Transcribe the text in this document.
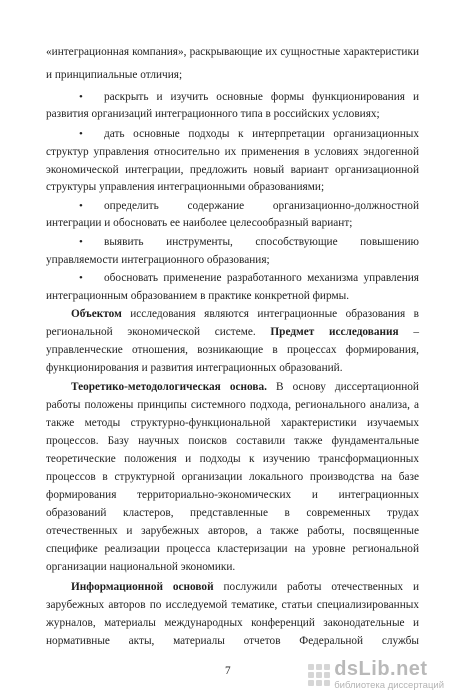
«интеграционная компания», раскрывающие их сущностные характеристики
и принципиальные отличия;
• раскрыть и изучить основные формы функционирования и
развития организаций интеграционного типа в российских условиях;
• дать основные подходы к интерпретации организационных
структур управления относительно их применения в условиях эндогенной
экономической интеграции, предложить новый вариант организационной
структуры управления интеграционными образованиями;
• определить содержание организационно-должностной
интеграции и обосновать ее наиболее целесообразный вариант;
• выявить инструменты, способствующие повышению
управляемости интеграционного образования;
• обосновать применение разработанного механизма управления
интеграционным образованием в практике конкретной фирмы.
Объектом исследования являются интеграционные образования в
региональной экономической системе. Предмет исследования –
управленческие отношения, возникающие в процессах формирования,
функционирования и развития интеграционных образований.
Теоретико-методологическая основа. В основу диссертационной
работы положены принципы системного подхода, регионального анализа, а
также методы структурно-функциональной характеристики изучаемых
процессов. Базу научных поисков составили также фундаментальные
теоретические положения и подходы к изучению трансформационных
процессов в структурной организации локального производства на базе
формирования территориально-экономических и интеграционных
образований кластеров, представленные в современных трудах
отечественных и зарубежных авторов, а также работы, посвященные
специфике реализации процесса кластеризации на уровне региональной
организации национальной экономики.
Информационной основой послужили работы отечественных и
зарубежных авторов по исследуемой тематике, статьи специализированных
журналов, материалы международных конференций законодательные и
нормативные акты, материалы отчетов Федеральной службы
7	dsLib.net
библиотека диссертаций
